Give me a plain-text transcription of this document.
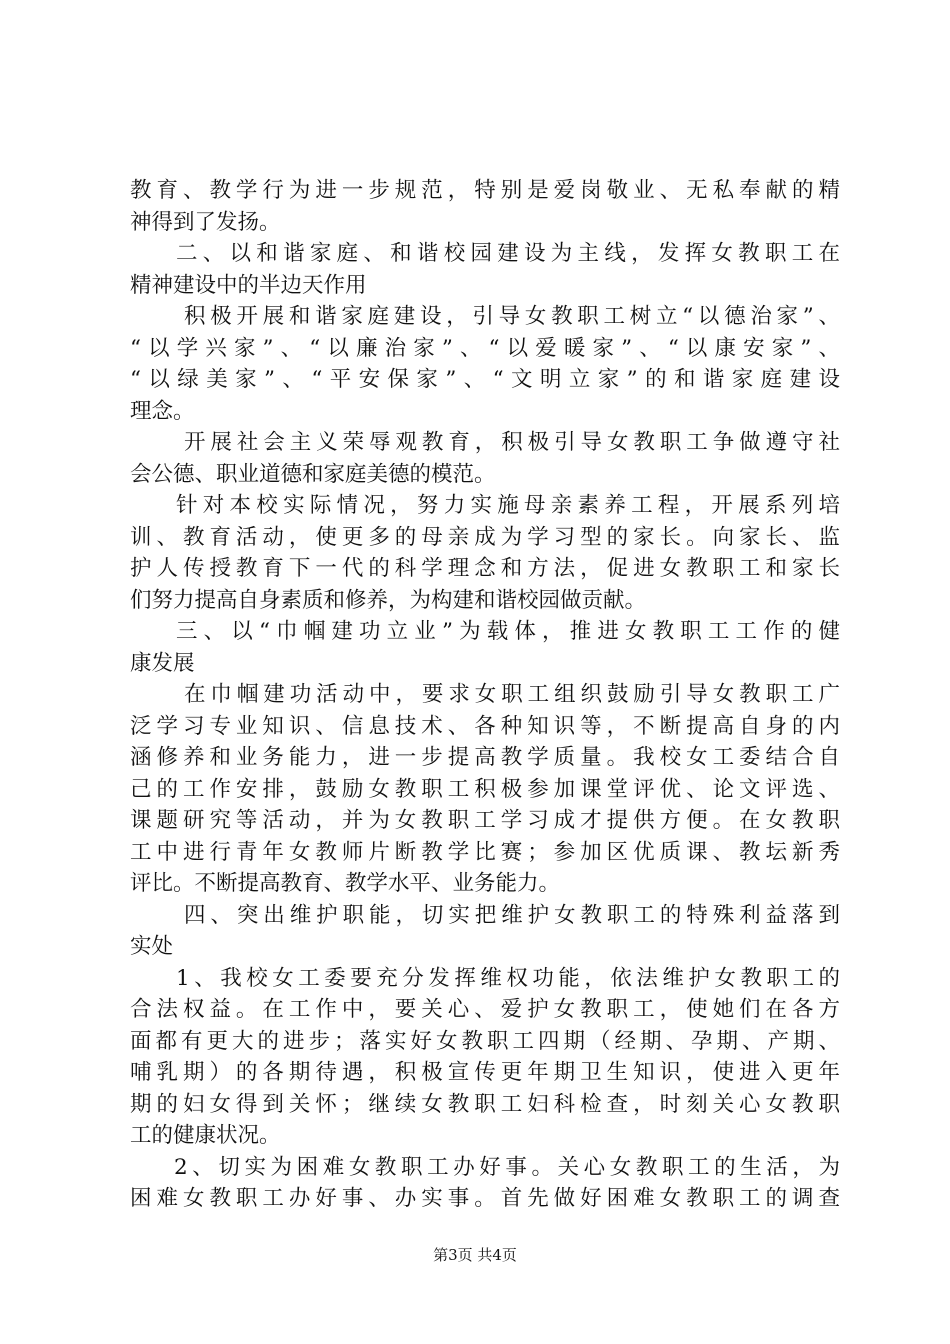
教育、教学行为进一步规范，特别是爱岗敬业、无私奉献的精
神得到了发扬。
二、以和谐家庭、和谐校园建设为主线，发挥女教职工在
精神建设中的半边天作用
积极开展和谐家庭建设，引导女教职工树立“以德治家”、
“以学兴家”、“以廉治家”、“以爱暖家”、“以康安家”、
“以绿美家”、“平安保家”、“文明立家”的和谐家庭建设
理念。
开展社会主义荣辱观教育，积极引导女教职工争做遵守社
会公德、职业道德和家庭美德的模范。
针对本校实际情况，努力实施母亲素养工程，开展系列培
训、教育活动，使更多的母亲成为学习型的家长。向家长、监
护人传授教育下一代的科学理念和方法，促进女教职工和家长
们努力提高自身素质和修养，为构建和谐校园做贡献。
三、以“巾帼建功立业”为载体，推进女教职工工作的健
康发展
在巾帼建功活动中，要求女职工组织鼓励引导女教职工广
泛学习专业知识、信息技术、各种知识等，不断提高自身的内
涵修养和业务能力，进一步提高教学质量。我校女工委结合自
己的工作安排，鼓励女教职工积极参加课堂评优、论文评选、
课题研究等活动，并为女教职工学习成才提供方便。在女教职
工中进行青年女教师片断教学比赛；参加区优质课、教坛新秀
评比。不断提高教育、教学水平、业务能力。
四、突出维护职能，切实把维护女教职工的特殊利益落到
实处
1、我校女工委要充分发挥维权功能，依法维护女教职工的
合法权益。在工作中，要关心、爱护女教职工，使她们在各方
面都有更大的进步；落实好女教职工四期（经期、孕期、产期、
哺乳期）的各期待遇，积极宣传更年期卫生知识，使进入更年
期的妇女得到关怀；继续女教职工妇科检查，时刻关心女教职
工的健康状况。
2、切实为困难女教职工办好事。关心女教职工的生活，为
困难女教职工办好事、办实事。首先做好困难女教职工的调查
第3页 共4页
